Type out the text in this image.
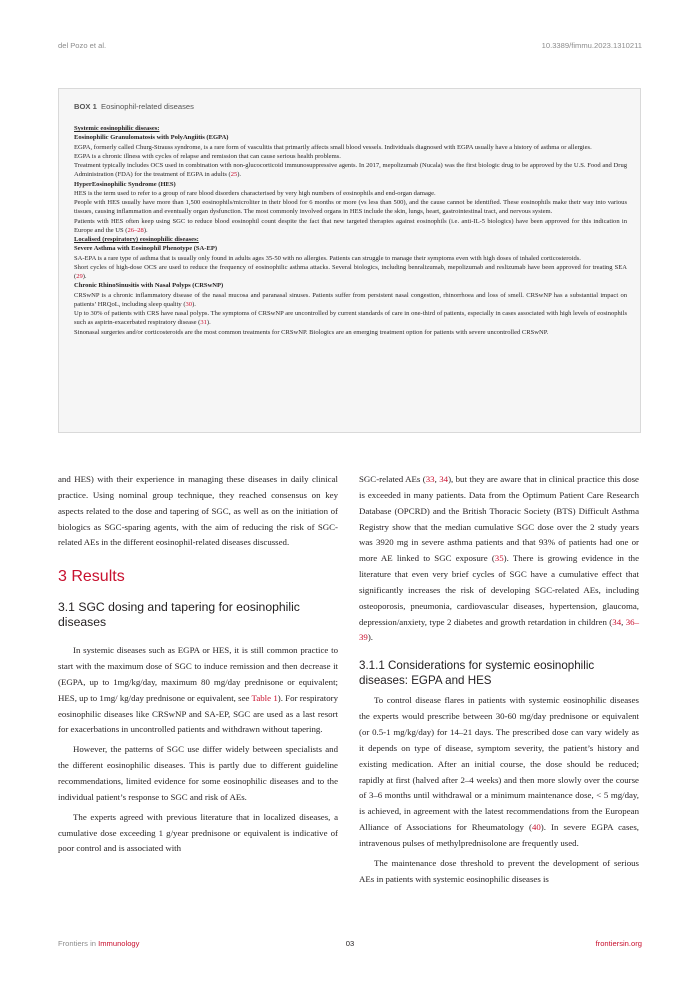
del Pozo et al.	10.3389/fimmu.2023.1310211
BOX 1 Eosinophil-related diseases

Systemic eosinophilic diseases:

Eosinophilic Granulomatosis with PolyAngiitis (EGPA)

EGPA, formerly called Churg-Strauss syndrome, is a rare form of vasculitis that primarily affects small blood vessels. Individuals diagnosed with EGPA usually have a history of asthma or allergies.

EGPA is a chronic illness with cycles of relapse and remission that can cause serious health problems.

Treatment typically includes OCS used in combination with non-glucocorticoid immunosuppressive agents. In 2017, mepolizumab (Nucala) was the first biologic drug to be approved by the U.S. Food and Drug Administration (FDA) for the treatment of EGPA in adults (25).

HyperEosinophilic Syndrome (HES)

HES is the term used to refer to a group of rare blood disorders characterised by very high numbers of eosinophils and end-organ damage.

People with HES usually have more than 1,500 eosinophils/microliter in their blood for 6 months or more (vs less than 500), and the cause cannot be identified. These eosinophils make their way into various tissues, causing inflammation and eventually organ dysfunction. The most commonly involved organs in HES include the skin, lungs, heart, gastrointestinal tract, and nervous system.

Patients with HES often keep using SGC to reduce blood eosinophil count despite the fact that new targeted therapies against eosinophils (i.e. anti-IL-5 biologics) have been approved for this indication in Europe and the US (26–28).

Localised (respiratory) eosinophilic diseases:

Severe Asthma with Eosinophil Phenotype (SA-EP)

SA-EPA is a rare type of asthma that is usually only found in adults ages 35-50 with no allergies. Patients can struggle to manage their symptoms even with high doses of inhaled corticosteroids.

Short cycles of high-dose OCS are used to reduce the frequency of eosinophilic asthma attacks. Several biologics, including benralizumab, mepolizumab and reslizumab have been approved for treating SEA (29).

Chronic RhinoSinusitis with Nasal Polyps (CRSwNP)

CRSwNP is a chronic inflammatory disease of the nasal mucosa and paranasal sinuses. Patients suffer from persistent nasal congestion, rhinorrhoea and loss of smell. CRSwNP has a substantial impact on patients’ HRQoL, including sleep quality (30).

Up to 30% of patients with CRS have nasal polyps. The symptoms of CRSwNP are uncontrolled by current standards of care in one-third of patients, especially in cases associated with high levels of eosinophils such as aspirin-exacerbated respiratory disease (31).

Sinonasal surgeries and/or corticosteroids are the most common treatments for CRSwNP. Biologics are an emerging treatment option for patients with severe uncontrolled CRSwNP.

and HES) with their experience in managing these diseases in daily clinical practice. Using nominal group technique, they reached consensus on key aspects related to the dose and tapering of SGC, as well as on the initiation of biologics as SGC-sparing agents, with the aim of reducing the risk of SGC-related AEs in the different eosinophil-related diseases discussed.

3 Results
3.1 SGC dosing and tapering for eosinophilic diseases

In systemic diseases such as EGPA or HES, it is still common practice to start with the maximum dose of SGC to induce remission and then decrease it (EGPA, up to 1mg/kg/day, maximum 80 mg/day prednisone or equivalent; HES, up to 1mg/ kg/day prednisone or equivalent, see Table 1). For respiratory eosinophilic diseases like CRSwNP and SA-EP, SGC are used as a last resort for exacerbations in uncontrolled patients and withdrawn without tapering.

However, the patterns of SGC use differ widely between specialists and the different eosinophilic diseases. This is partly due to different guideline recommendations, limited evidence for some eosinophilic diseases and to the individual patient’s response to SGC and risk of AEs.

The experts agreed with previous literature that in localized diseases, a cumulative dose exceeding 1 g/year prednisone or equivalent is indicative of poor control and is associated with

SGC-related AEs (33, 34), but they are aware that in clinical practice this dose is exceeded in many patients. Data from the Optimum Patient Care Research Database (OPCRD) and the British Thoracic Society (BTS) Difficult Asthma Registry show that the median cumulative SGC dose over the 2 study years was 3920 mg in severe asthma patients and that 93% of patients had one or more AE linked to SGC exposure (35). There is growing evidence in the literature that even very brief cycles of SGC have a cumulative effect that significantly increases the risk of developing SGC-related AEs, including osteoporosis, pneumonia, cardiovascular diseases, hypertension, glaucoma, depression/anxiety, type 2 diabetes and growth retardation in children (34, 36–39).

3.1.1 Considerations for systemic eosinophilic diseases: EGPA and HES

To control disease flares in patients with systemic eosinophilic diseases the experts would prescribe between 30-60 mg/day prednisone or equivalent (or 0.5-1 mg/kg/day) for 14–21 days. The prescribed dose can vary widely as it depends on type of disease, symptom severity, the patient’s history and existing medication. After an initial course, the dose should be reduced; rapidly at first (halved after 2–4 weeks) and then more slowly over the course of 3–6 months until withdrawal or a minimum maintenance dose, < 5 mg/day, is achieved, in agreement with the latest recommendations from the European Alliance of Associations for Rheumatology (40). In severe EGPA cases, intravenous pulses of methylprednisolone are frequently used.

The maintenance dose threshold to prevent the development of serious AEs in patients with systemic eosinophilic diseases is

Frontiers in Immunology	03	frontiersin.org
